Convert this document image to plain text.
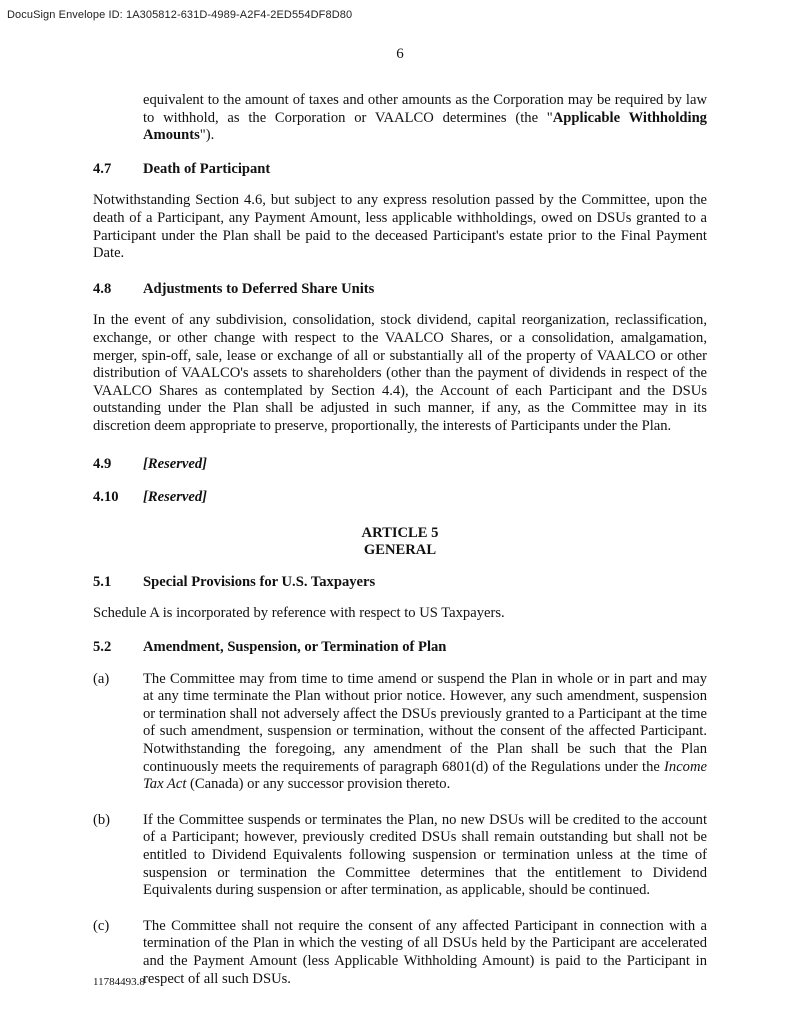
DocuSign Envelope ID: 1A305812-631D-4989-A2F4-2ED554DF8D80
6

equivalent to the amount of taxes and other amounts as the Corporation may be required by law to withhold, as the Corporation or VAALCO determines (the "Applicable Withholding Amounts").

4.7	Death of Participant

Notwithstanding Section 4.6, but subject to any express resolution passed by the Committee, upon the death of a Participant, any Payment Amount, less applicable withholdings, owed on DSUs granted to a Participant under the Plan shall be paid to the deceased Participant's estate prior to the Final Payment Date.

4.8	Adjustments to Deferred Share Units

In the event of any subdivision, consolidation, stock dividend, capital reorganization, reclassification, exchange, or other change with respect to the VAALCO Shares, or a consolidation, amalgamation, merger, spin-off, sale, lease or exchange of all or substantially all of the property of VAALCO or other distribution of VAALCO's assets to shareholders (other than the payment of dividends in respect of the VAALCO Shares as contemplated by Section 4.4), the Account of each Participant and the DSUs outstanding under the Plan shall be adjusted in such manner, if any, as the Committee may in its discretion deem appropriate to preserve, proportionally, the interests of Participants under the Plan.

4.9	[Reserved]
4.10	[Reserved]

ARTICLE 5

GENERAL

5.1	Special Provisions for U.S. Taxpayers

Schedule A is incorporated by reference with respect to US Taxpayers.

5.2	Amendment, Suspension, or Termination of Plan
(a)	The Committee may from time to time amend or suspend the Plan in whole or in part and may at any time terminate the Plan without prior notice. However, any such amendment, suspension or termination shall not adversely affect the DSUs previously granted to a Participant at the time of such amendment, suspension or termination, without the consent of the affected Participant. Notwithstanding the foregoing, any amendment of the Plan shall be such that the Plan continuously meets the requirements of paragraph 6801(d) of the Regulations under the Income Tax Act (Canada) or any successor provision thereto.
(b)	If the Committee suspends or terminates the Plan, no new DSUs will be credited to the account of a Participant; however, previously credited DSUs shall remain outstanding but shall not be entitled to Dividend Equivalents following suspension or termination unless at the time of suspension or termination the Committee determines that the entitlement to Dividend Equivalents during suspension or after termination, as applicable, should be continued.
(c)	The Committee shall not require the consent of any affected Participant in connection with a termination of the Plan in which the vesting of all DSUs held by the Participant are accelerated and the Payment Amount (less Applicable Withholding Amount) is paid to the Participant in respect of all such DSUs.
11784493.8
